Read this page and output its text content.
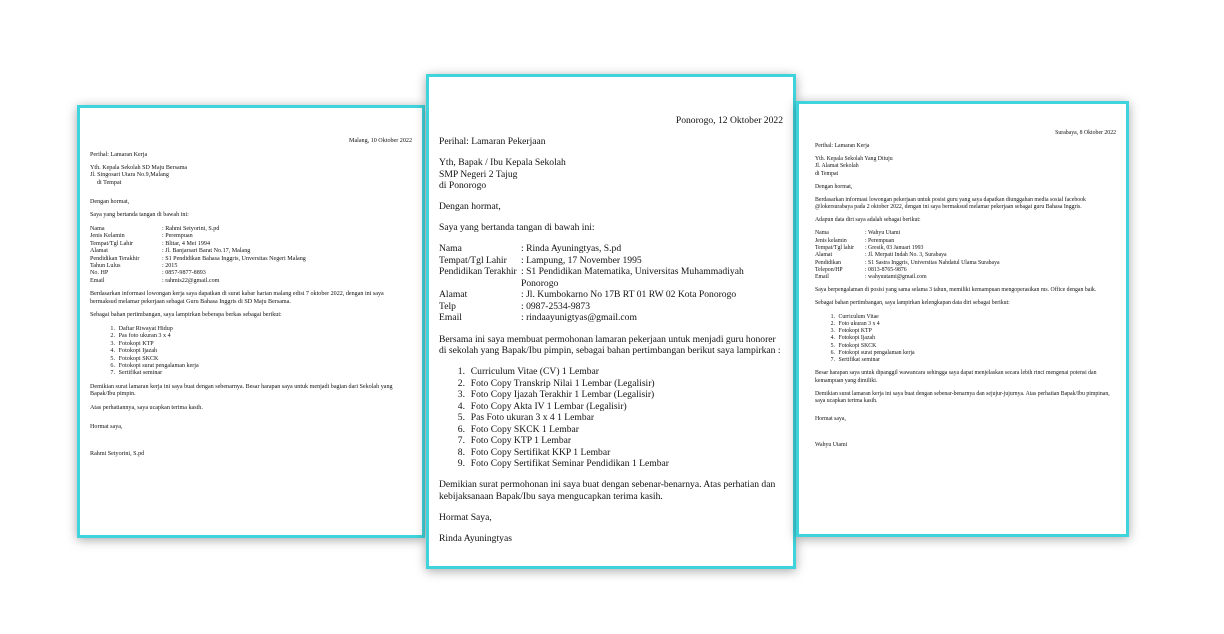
Malang, 10 Oktober 2022
Perihal: Lamaran Kerja
Yth. Kepala Sekolah SD Maju Bersama
Jl. Singosari Utara No.9,Malang
di Tempat
Dengan hormat,
Saya yang bertanda tangan di bawah ini:
Nama	: Rahmi Setyorini, S.pd
Jenis Kelamin	: Perempuan
Tempat/Tgl Lahir	: Blitar, 4 Mei 1994
Alamat	: Jl. Banjarsari Barat No.17, Malang
Pendidikan Terakhir	: S1 Pendidikan Bahasa Inggris, Unversitas Negeri Malang
Tahun Lulus	: 2015
No. HP	: 0857-9877-8893
Email	: rahmis22@gmail.com

Berdasarkan informasi lowongan kerja saya dapatkan di surat kabar harian malang edisi 7 oktober 2022, dengan ini saya bermaksud melamar pekerjaan sebagai Guru Bahasa Inggris di SD Maju Bersama.

Sebagai bahan pertimbangan, saya lampirkan beberapa berkas sebagai berikut:

1. Daftar Riwayat Hidup
2. Pas foto ukuran 3 x 4
3. Fotokopi KTP
4. Fotokopi Ijazah
5. Fotokopi SKCK
6. Fotokopi surat pengalaman kerja
7. Sertifikat seminar

Demikian surat lamaran kerja ini saya buat dengan sebenarnya. Besar harapan saya untuk menjadi bagian dari Sekolah yang Bapak/Ibu pimpin.

Atas perhatiannya, saya ucapkan terima kasih.

Hormat saya,
Rahmi Setyorini, S.pd
Ponorogo, 12 Oktober 2022
Perihal: Lamaran Pekerjaan
Yth, Bapak / Ibu Kepala Sekolah
SMP Negeri 2 Tajug
di Ponorogo
Dengan hormat,
Saya yang bertanda tangan di bawah ini:
Nama	: Rinda Ayuningtyas, S.pd
Tempat/Tgl Lahir	: Lampung, 17 November 1995
Pendidikan Terakhir : S1 Pendidikan Matematika, Universitas Muhammadiyah Ponorogo
Alamat	: Jl. Kumbokarno No 17B RT 01 RW 02 Kota Ponorogo
Telp	: 0987-2534-9873
Email	: rindaayunigtyas@gmail.com

Bersama ini saya membuat permohonan lamaran pekerjaan untuk menjadi guru honorer di sekolah yang Bapak/Ibu pimpin, sebagai bahan pertimbangan berikut saya lampirkan :

1. Curriculum Vitae (CV) 1 Lembar
2. Foto Copy Transkrip Nilai 1 Lembar (Legalisir)
3. Foto Copy Ijazah Terakhir 1 Lembar (Legalisir)
4. Foto Copy Akta IV 1 Lembar (Legalisir)
5. Pas Foto ukuran 3 x 4 1 Lembar
6. Foto Copy SKCK 1 Lembar
7. Foto Copy KTP 1 Lembar
8. Foto Copy Sertifikat KKP 1 Lembar
9. Foto Copy Sertifikat Seminar Pendidikan 1 Lembar

Demikian surat permohonan ini saya buat dengan sebenar-benarnya. Atas perhatian dan kebijaksanaan Bapak/Ibu saya mengucapkan terima kasih.

Hormat Saya,
Rinda Ayuningtyas
Surabaya, 8 Oktober 2022
Perihal: Lamaran Kerja
Yth. Kepala Sekolah Yang Dituju
Jl. Alamat Sekolah
di Tempat
Dengan hormat,

Berdasarkan informasi lowongan pekerjaan untuk posisi guru yang saya dapatkan diunggahan media sosial facebook @lokersurabaya pada 2 oktober 2022, dengan ini saya bermaksud melamar pekerjaan sebagai guru Bahasa Inggris.

Adapun data diri saya adalah sebagai berikut:
Nama	: Wahyu Utami
Jenis kelamin	: Perempuan
Tempat/Tgl lahir	: Gresik, 03 Januari 1993
Alamat	: Jl. Merpati Indah No. 3, Surabaya
Pendidikan	: S1 Sastra Inggris, Universitas Nahdatul Ulama Surabaya
Telepon/HP	: 0813-8765-9876
Email	: wahyuutami@gmail.com

Saya berpengalaman di posisi yang sama selama 3 tahun, memiliki kemampuan mengoperasikan ms. Office dengan baik.

Sebagai bahan pertimbangan, saya lampirkan kelengkapan data diri sebagai berikut:

1. Curriculum Vitae
2. Foto ukuran 3 x 4
3. Fotokopi KTP
4. Fotokopi Ijazah
5. Fotokopi SKCK
6. Fotokopi surat pengalaman kerja
7. Sertifikat seminar

Besar harapan saya untuk dipanggil wawancara sehingga saya dapat menjelaskan secara lebih rinci mengenai potensi dan kemampuan yang dimiliki.

Demikian surat lamaran kerja ini saya buat dengan sebenar-benarnya dan sejujur-jujurnya. Atas perhatian Bapak/Ibu pimpinan, saya ucapkan terima kasih.

Hormat saya,
Wahyu Utami
